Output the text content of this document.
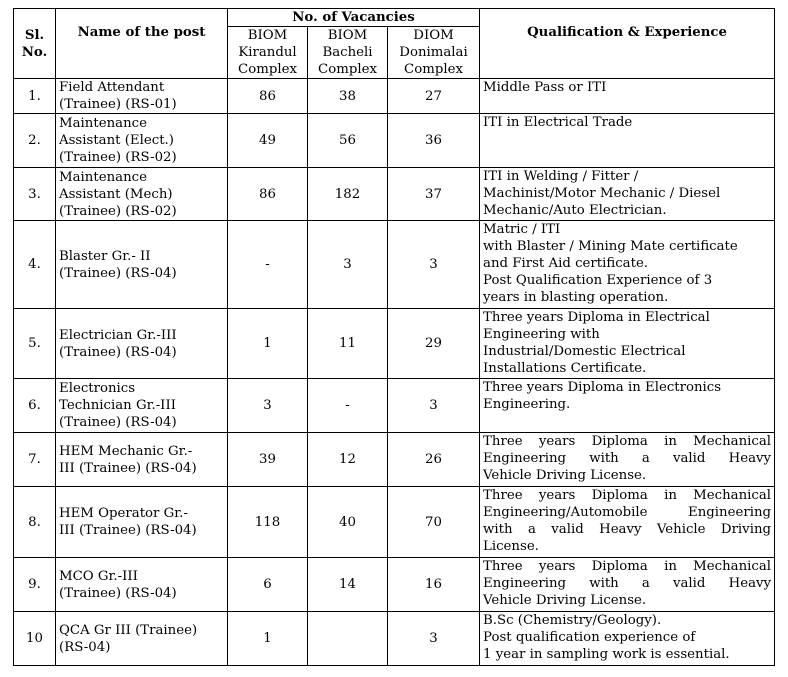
Sl.
No.	Name of the post	No. of Vacancies			Qualification & Experience

		BIOM
Kirandul
Complex	BIOM
Bacheli
Complex	DIOM
Donimalai
Complex	

1.	Field Attendant
(Trainee) (RS-01)	86	38	27	Middle Pass or ITI

2.	Maintenance
Assistant (Elect.)
(Trainee) (RS-02)	49	56	36	ITI in Electrical Trade

3.	Maintenance
Assistant (Mech)
(Trainee) (RS-02)	86	182	37	ITI in Welding / Fitter /
Machinist/Motor Mechanic / Diesel
Mechanic/Auto Electrician.

4.	Blaster Gr.- II
(Trainee) (RS-04)	-	3	3	Matric / ITI
with Blaster / Mining Mate certificate
and First Aid certificate.
Post Qualification Experience of 3
years in blasting operation.

5.	Electrician Gr.-III
(Trainee) (RS-04)	1	11	29	Three years Diploma in Electrical
Engineering with
Industrial/Domestic Electrical
Installations Certificate.

6.	Electronics
Technician Gr.-III
(Trainee) (RS-04)	3	-	3	Three years Diploma in Electronics
Engineering.

7.	HEM Mechanic Gr.-
III (Trainee) (RS-04)	39	12	26	Three years Diploma in Mechanical
Engineering with a valid Heavy
Vehicle Driving License.

8.	HEM Operator Gr.-
III (Trainee) (RS-04)	118	40	70	Three years Diploma in Mechanical
Engineering/Automobile Engineering
with a valid Heavy Vehicle Driving
License.

9.	MCO Gr.-III
(Trainee) (RS-04)	6	14	16	Three years Diploma in Mechanical
Engineering with a valid Heavy
Vehicle Driving License.

10	QCA Gr III (Trainee)
(RS-04)	1		3	B.Sc (Chemistry/Geology).
Post qualification experience of
1 year in sampling work is essential.
